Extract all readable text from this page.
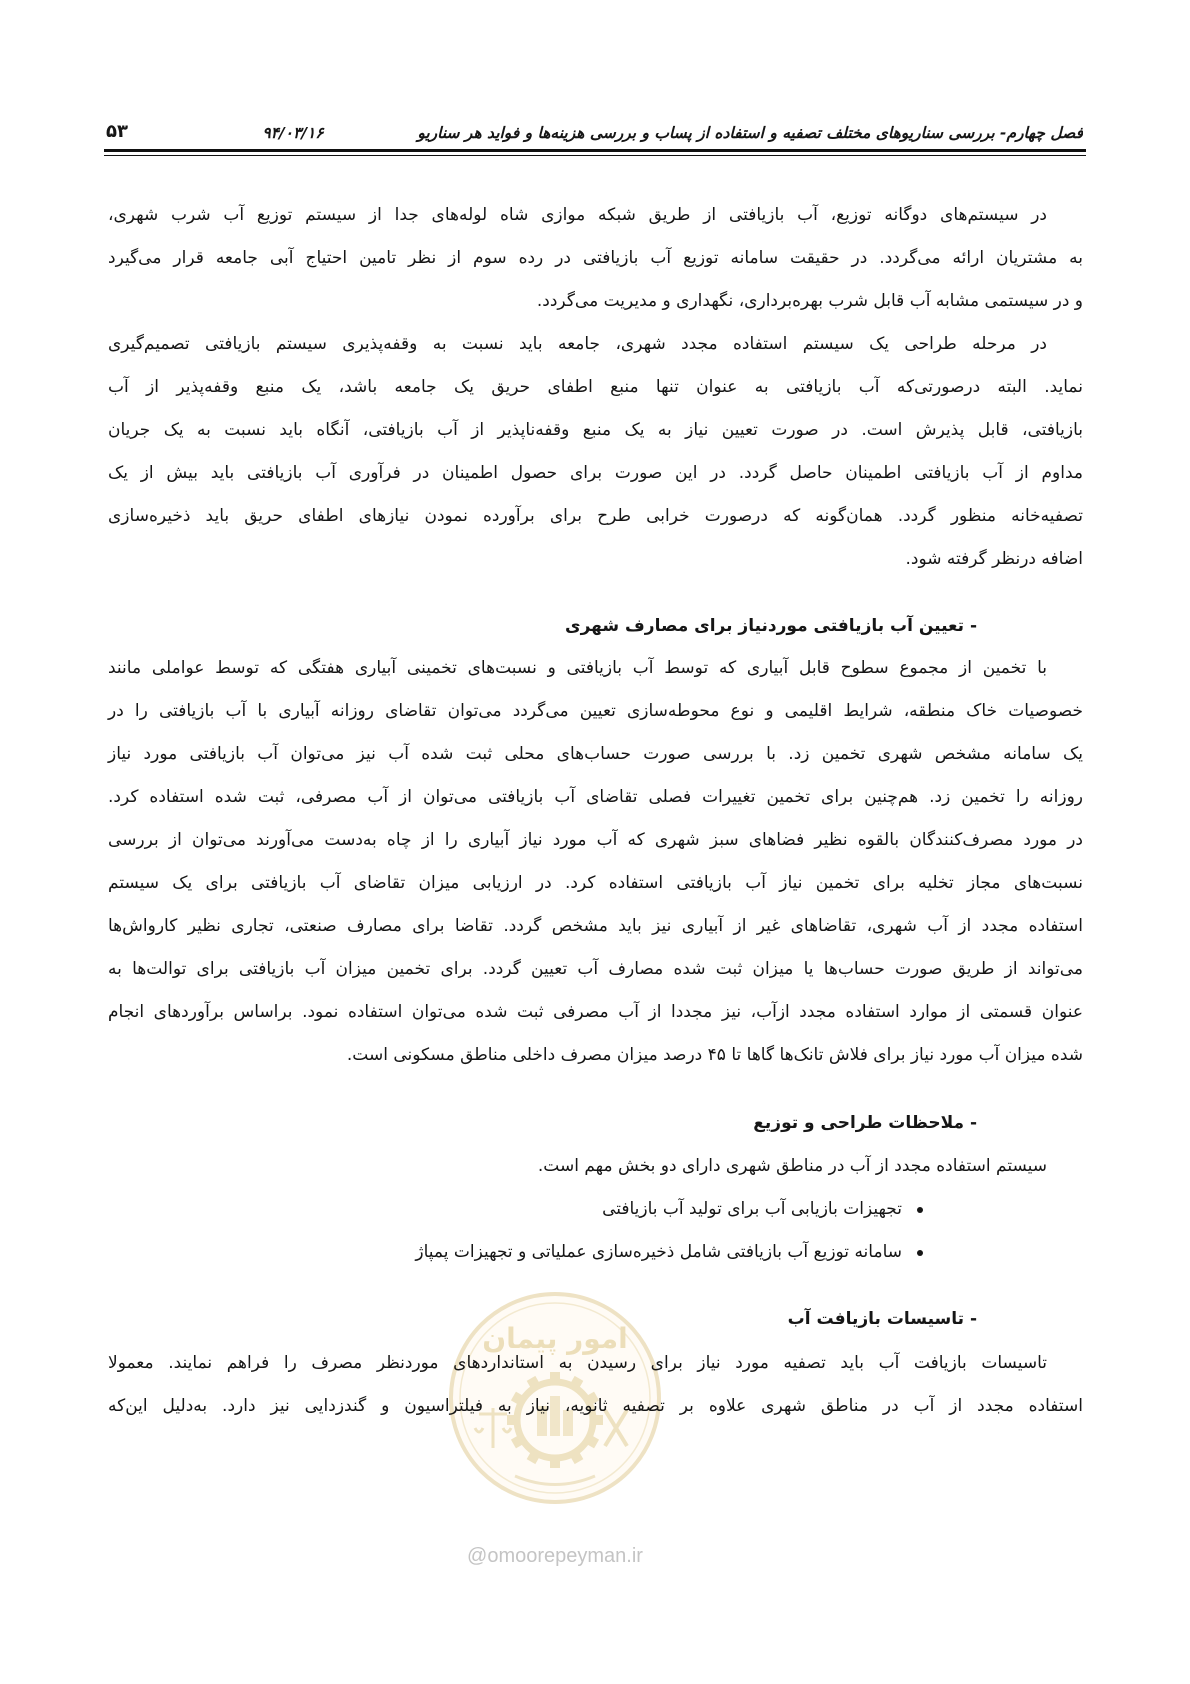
فصل چهارم- بررسی سناریوهای مختلف تصفیه و استفاده از پساب و بررسی هزینه‌ها و فواید هر سناریو
۹۴/۰۳/۱۶
۵۳
امور پیمان
@omoorepeyman.ir
در سیستم‌های دوگانه توزیع، آب بازیافتی از طریق شبکه موازی شاه لوله‌های جدا از سیستم توزیع آب شرب شهری،
به مشتریان ارائه می‌گردد. در حقیقت سامانه توزیع آب بازیافتی در رده سوم از نظر تامین احتیاج آبی جامعه قرار می‌گیرد
و در سیستمی مشابه آب قابل شرب بهره‌برداری، نگهداری و مدیریت می‌گردد.
در مرحله طراحی یک سیستم استفاده مجدد شهری، جامعه باید نسبت به وقفه‌پذیری سیستم بازیافتی تصمیم‌گیری
نماید. البته درصورتی‌که آب بازیافتی به عنوان تنها منبع اطفای حریق یک جامعه باشد، یک منبع وقفه‌پذیر از آب
بازیافتی، قابل پذیرش است. در صورت تعیین نیاز به یک منبع وقفه‌ناپذیر از آب بازیافتی، آنگاه باید نسبت به یک جریان
مداوم از آب بازیافتی اطمینان حاصل گردد. در این صورت برای حصول اطمینان در فرآوری آب بازیافتی باید بیش از یک
تصفیه‌خانه منظور گردد. همان‌گونه که درصورت خرابی طرح برای برآورده نمودن نیازهای اطفای حریق باید ذخیره‌سازی
اضافه درنظر گرفته شود.
- تعیین آب بازیافتی موردنیاز برای مصارف شهری
با تخمین از مجموع سطوح قابل آبیاری که توسط آب بازیافتی و نسبت‌های تخمینی آبیاری هفتگی که توسط عواملی مانند
خصوصیات خاک منطقه، شرایط اقلیمی و نوع محوطه‌سازی تعیین می‌گردد می‌توان تقاضای روزانه آبیاری با آب بازیافتی را در
یک سامانه مشخص شهری تخمین زد. با بررسی صورت حساب‌های محلی ثبت شده آب نیز می‌توان آب بازیافتی مورد نیاز
روزانه را تخمین زد. هم‌چنین برای تخمین تغییرات فصلی تقاضای آب بازیافتی می‌توان از آب مصرفی، ثبت شده استفاده کرد.
در مورد مصرف‌کنندگان بالقوه نظیر فضاهای سبز شهری که آب مورد نیاز آبیاری را از چاه به‌دست می‌آورند می‌توان از بررسی
نسبت‌های مجاز تخلیه برای تخمین نیاز آب بازیافتی استفاده کرد. در ارزیابی میزان تقاضای آب بازیافتی برای یک سیستم
استفاده مجدد از آب شهری، تقاضاهای غیر از آبیاری نیز باید مشخص گردد. تقاضا برای مصارف صنعتی، تجاری نظیر کارواش‌ها
می‌تواند از طریق صورت حساب‌ها یا میزان ثبت شده مصارف آب تعیین گردد. برای تخمین میزان آب بازیافتی برای توالت‌ها به
عنوان قسمتی از موارد استفاده مجدد ازآب، نیز مجددا از آب مصرفی ثبت شده می‌توان استفاده نمود. براساس برآوردهای انجام
شده میزان آب مورد نیاز برای فلاش تانک‌ها گاها تا ۴۵ درصد میزان مصرف داخلی مناطق مسکونی است.
- ملاحظات طراحی و توزیع
سیستم استفاده مجدد از آب در مناطق شهری دارای دو بخش مهم است.
تجهیزات بازیابی آب برای تولید آب بازیافتی
سامانه توزیع آب بازیافتی شامل ذخیره‌سازی عملیاتی و تجهیزات پمپاژ
- تاسیسات بازیافت آب
تاسیسات بازیافت آب باید تصفیه مورد نیاز برای رسیدن به استانداردهای موردنظر مصرف را فراهم نمایند. معمولا
استفاده مجدد از آب در مناطق شهری علاوه بر تصفیه ثانویه، نیاز به فیلتراسیون و گندزدایی نیز دارد. به‌دلیل این‌که
